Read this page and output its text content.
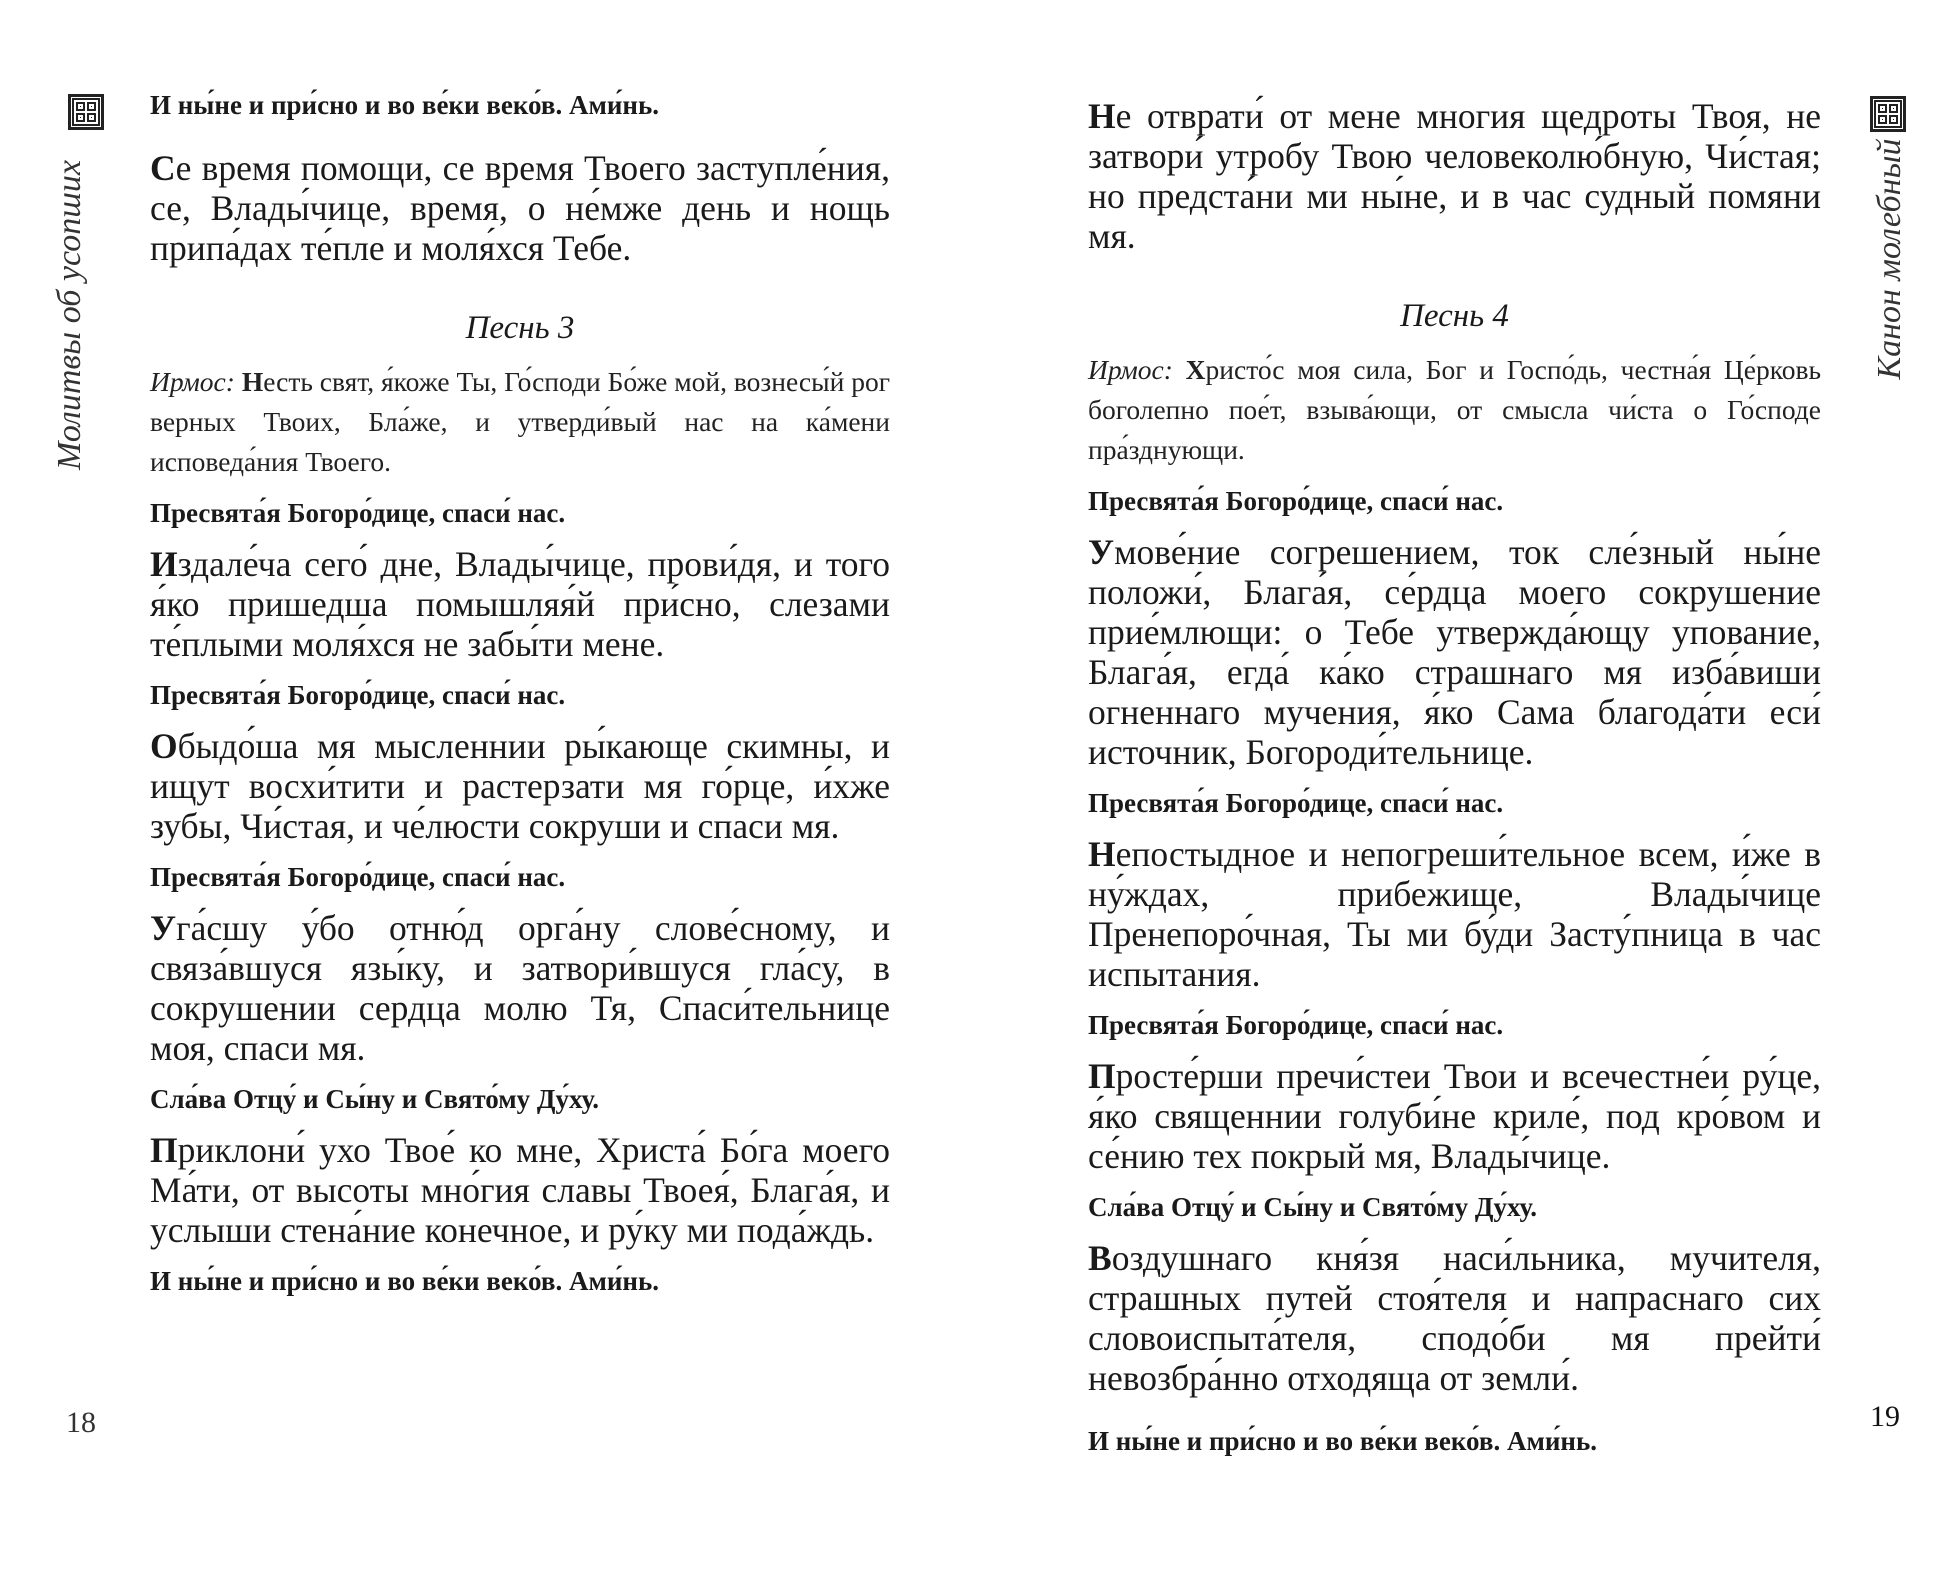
Молитвы об усопших
18

И ны́не и при́сно и во ве́ки веко́в. Ами́нь.

Се время помощи, се время Твоего заступле́ния, се, Влады́чице, время, о не́мже день и нощь припа́дах те́пле и моля́хся Тебе.

Песнь 3

Ирмос: Несть свят, я́коже Ты, Го́споди Бо́же мой, вознесы́й рог верных Твоих, Бла́же, и утверди́вый нас на ка́мени исповеда́ния Твоего.

Пресвята́я Богоро́дице, спаси́ нас.

Издале́ча сего́ дне, Влады́чице, прови́дя, и того я́ко пришедша помышляя́й при́сно, слезами те́плыми моля́хся не забы́ти мене.

Пресвята́я Богоро́дице, спаси́ нас.

Обыдо́ша мя мысленнии ры́кающе скимны, и ищут восхи́тити и растерзати мя го́рце, и́хже зубы, Чи́стая, и че́люсти сокруши и спаси мя.

Пресвята́я Богоро́дице, спаси́ нас.

Уга́сшу у́бо отню́д орга́ну слове́сному, и связа́вшуся язы́ку, и затвори́вшуся гла́су, в сокрушении сердца молю Тя, Спаси́тельнице моя, спаси мя.

Сла́ва Отцу́ и Сы́ну и Свято́му Ду́ху.

Приклони́ ухо Твое́ ко мне, Христа́ Бо́га моего Ма́ти, от высоты мно́гия славы Твоея́, Блага́я, и услыши стена́ние конечное, и ру́ку ми пода́ждь.

И ны́не и при́сно и во ве́ки веко́в. Ами́нь.

Канон молебный
19

Не отврати́ от мене многия щедроты Твоя, не затвори́ утробу Твою человеколю́бную, Чи́стая; но предста́ни ми ны́не, и в час судный помяни мя.

Песнь 4

Ирмос: Христо́с моя сила, Бог и Госпо́дь, честна́я Це́рковь боголепно пое́т, взыва́ющи, от смысла чи́ста о Го́споде пра́зднующи.

Пресвята́я Богоро́дице, спаси́ нас.

Умове́ние согрешением, ток сле́зный ны́не положи́, Блага́я, се́рдца моего сокрушение прие́млющи: о Тебе утвержда́ющу упование, Блага́я, егда́ ка́ко страшнаго мя изба́виши огненнаго мучения, я́ко Сама благода́ти еси́ источник, Богороди́тельнице.

Пресвята́я Богоро́дице, спаси́ нас.

Непостыдное и непогреши́тельное всем, и́же в ну́ждах, прибежище, Влады́чице Пренепоро́чная, Ты ми бу́ди Засту́пница в час испытания.

Пресвята́я Богоро́дице, спаси́ нас.

Просте́рши пречи́стеи Твои и всечестне́и ру́це, я́ко священнии голуби́не криле́, под кро́вом и се́нию тех покрый мя, Влады́чице.

Сла́ва Отцу́ и Сы́ну и Свято́му Ду́ху.

Воздушнаго кня́зя наси́льника, мучителя, страшных путей стоя́теля и напраснаго сих словоиспыта́теля, сподо́би мя прейти́ невозбра́нно отходяща от земли́.

И ны́не и при́сно и во ве́ки веко́в. Ами́нь.
